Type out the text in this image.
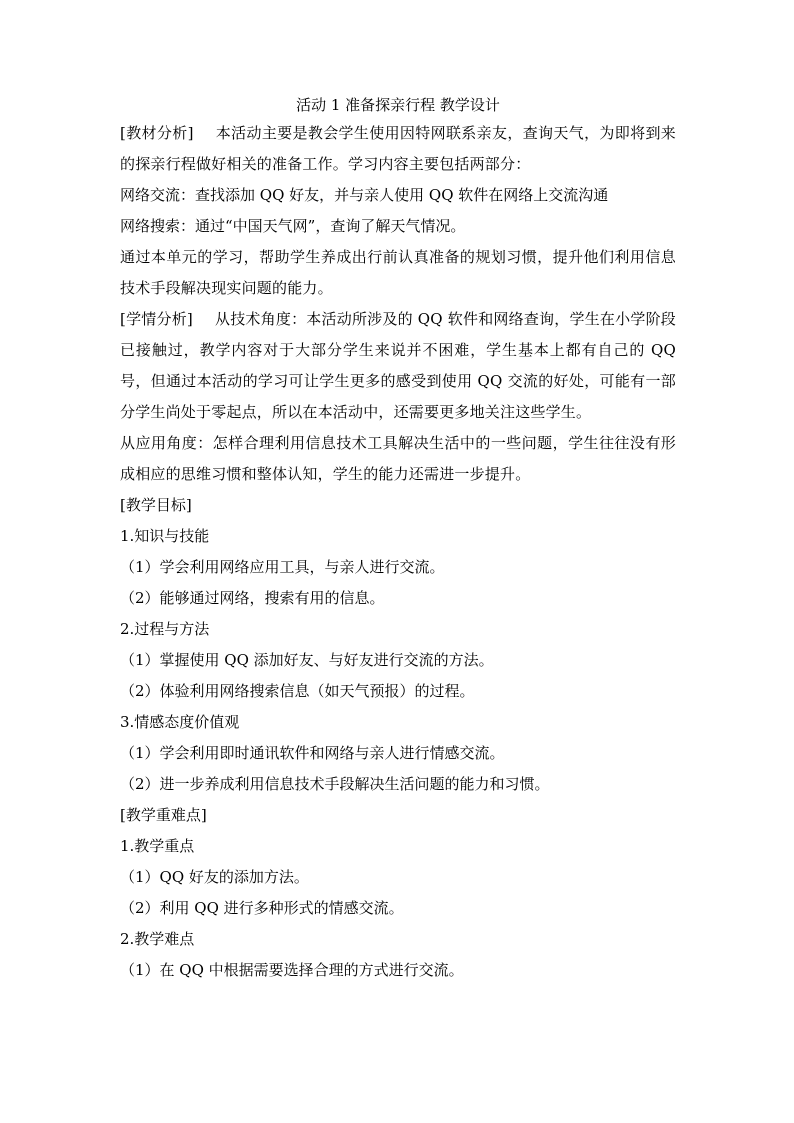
活动 1 准备探亲行程 教学设计

[教材分析] 本活动主要是教会学生使用因特网联系亲友，查询天气，为即将到来的探亲行程做好相关的准备工作。学习内容主要包括两部分：

网络交流：查找添加 QQ 好友，并与亲人使用 QQ 软件在网络上交流沟通

网络搜索：通过“中国天气网”，查询了解天气情况。

通过本单元的学习，帮助学生养成出行前认真准备的规划习惯，提升他们利用信息技术手段解决现实问题的能力。

[学情分析] 从技术角度：本活动所涉及的 QQ 软件和网络查询，学生在小学阶段已接触过，教学内容对于大部分学生来说并不困难，学生基本上都有自己的 QQ 号，但通过本活动的学习可让学生更多的感受到使用 QQ 交流的好处，可能有一部分学生尚处于零起点，所以在本活动中，还需要更多地关注这些学生。

从应用角度：怎样合理利用信息技术工具解决生活中的一些问题，学生往往没有形成相应的思维习惯和整体认知，学生的能力还需进一步提升。

[教学目标]

1.知识与技能

（1）学会利用网络应用工具，与亲人进行交流。

（2）能够通过网络，搜索有用的信息。

2.过程与方法

（1）掌握使用 QQ 添加好友、与好友进行交流的方法。

（2）体验利用网络搜索信息（如天气预报）的过程。

3.情感态度价值观

（1）学会利用即时通讯软件和网络与亲人进行情感交流。

（2）进一步养成利用信息技术手段解决生活问题的能力和习惯。

[教学重难点]

1.教学重点

（1）QQ 好友的添加方法。

（2）利用 QQ 进行多种形式的情感交流。

2.教学难点

（1）在 QQ 中根据需要选择合理的方式进行交流。
